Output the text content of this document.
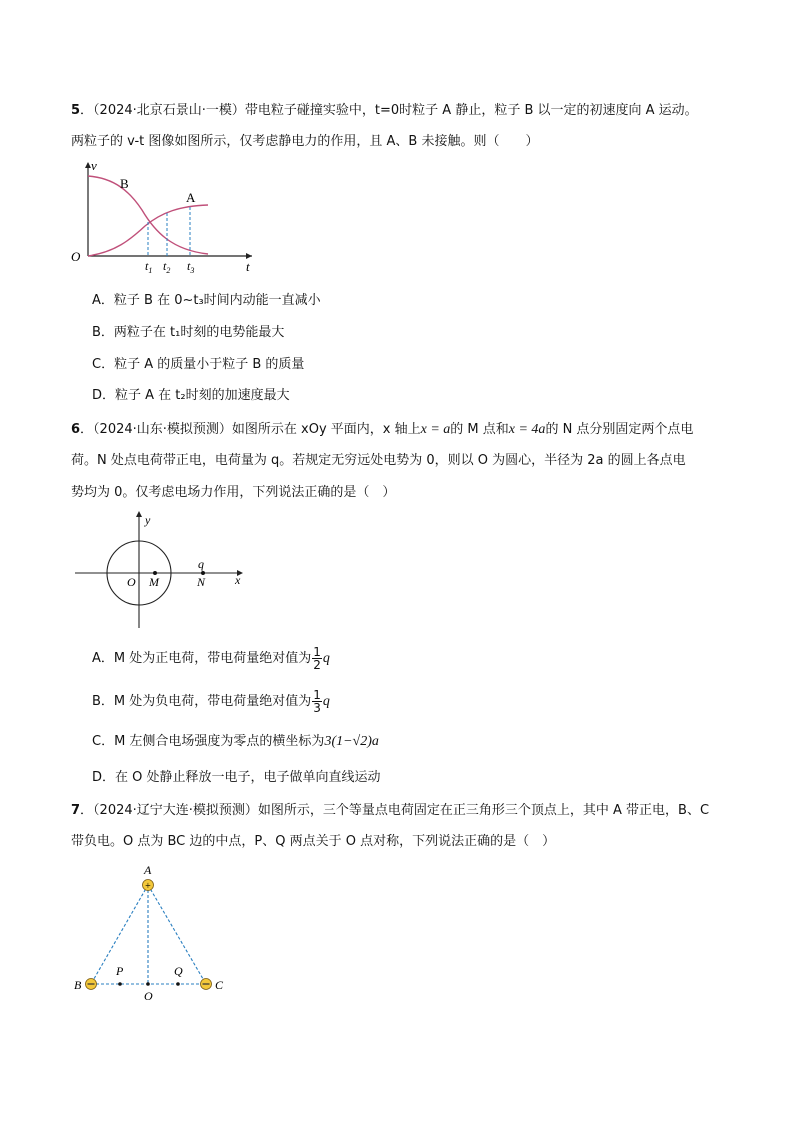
5．（2024·北京石景山·一模）带电粒子碰撞实验中，t=0时粒子 A 静止，粒子 B 以一定的初速度向 A 运动。
两粒子的 v-t 图像如图所示，仅考虑静电力的作用，且 A、B 未接触。则（　　）
v
t
O
B
A
$t_1$ $t_2$ $t_3$
y
x
O M	N
q
+
A
B	C
O
P	Q
A．粒子 B 在 0~t₃时间内动能一直减小
B．两粒子在 t₁时刻的电势能最大
C．粒子 A 的质量小于粒子 B 的质量
D．粒子 A 在 t₂时刻的加速度最大
6．（2024·山东·模拟预测）如图所示在 xOy 平面内，x 轴上x = a的 M 点和x = 4a的 N 点分别固定两个点电
荷。N 处点电荷带正电，电荷量为 q。若规定无穷远处电势为 0，则以 O 为圆心，半径为 2a 的圆上各点电
势均为 0。仅考虑电场力作用，下列说法正确的是（　）
A．M 处为正电荷，带电荷量绝对值为 $\frac{1}{2}$ q
B．M 处为负电荷，带电荷量绝对值为 $\frac{1}{3}$ q
C．M 左侧合电场强度为零点的横坐标为3(1−√2)a
D．在 O 处静止释放一电子，电子做单向直线运动
7．（2024·辽宁大连·模拟预测）如图所示，三个等量点电荷固定在正三角形三个顶点上，其中 A 带正电，B、C
带负电。O 点为 BC 边的中点，P、Q 两点关于 O 点对称，下列说法正确的是（　）
